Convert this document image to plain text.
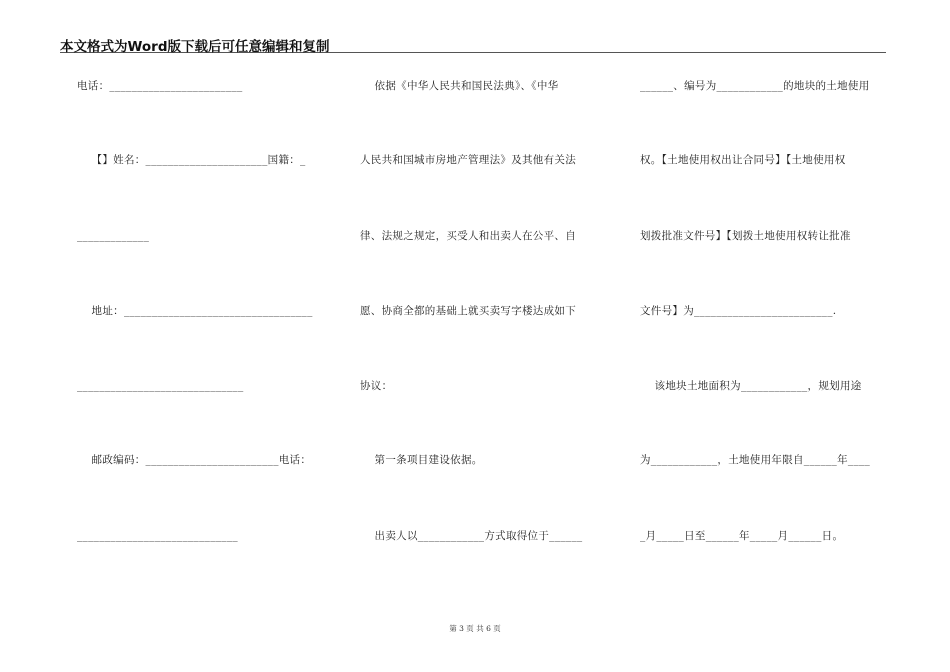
本文格式为Word版下载后可任意编辑和复制
电话：________________________
【】姓名：______________________国籍：_
_____________
地址：__________________________________
______________________________
邮政编码：________________________电话：
_____________________________
依据《中华人民共和国民法典》、《中华
人民共和国城市房地产管理法》及其他有关法
律、法规之规定，买受人和出卖人在公平、自
愿、协商全都的基础上就买卖写字楼达成如下
协议：
第一条项目建设依据。
出卖人以____________方式取得位于______
______、编号为____________的地块的土地使用
权。【土地使用权出让合同号】【土地使用权
划拨批准文件号】【划拨土地使用权转让批准
文件号】为_________________________.
该地块土地面积为____________，规划用途
为____________，土地使用年限自______年____
_月_____日至______年_____月______日。
第 3 页 共 6 页
